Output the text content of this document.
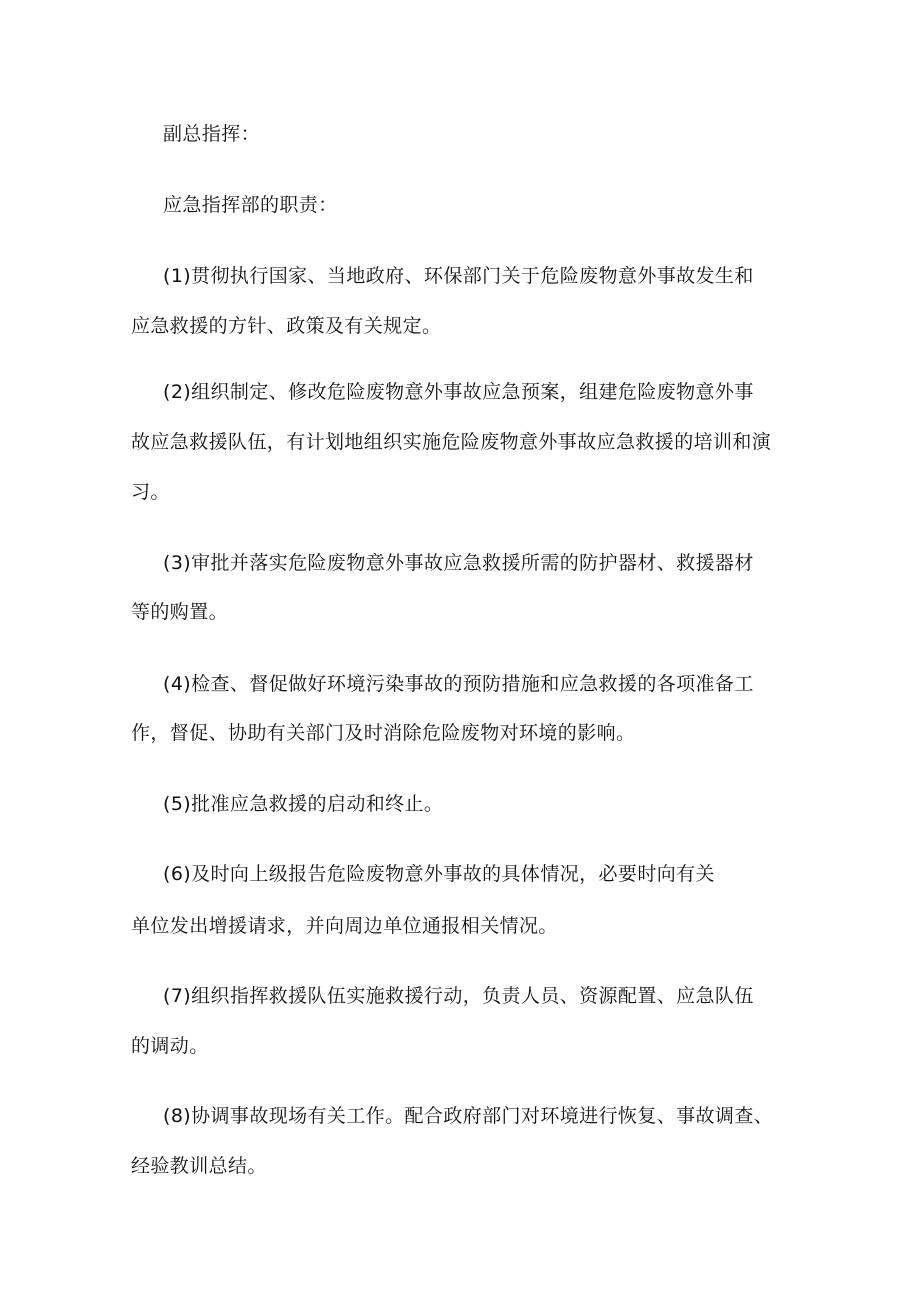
副总指挥：
应急指挥部的职责：
(1)贯彻执行国家、当地政府、环保部门关于危险废物意外事故发生和
应急救援的方针、政策及有关规定。
(2)组织制定、修改危险废物意外事故应急预案，组建危险废物意外事
故应急救援队伍，有计划地组织实施危险废物意外事故应急救援的培训和演
习。
(3)审批并落实危险废物意外事故应急救援所需的防护器材、救援器材
等的购置。
(4)检查、督促做好环境污染事故的预防措施和应急救援的各项准备工
作，督促、协助有关部门及时消除危险废物对环境的影响。
(5)批准应急救援的启动和终止。
(6)及时向上级报告危险废物意外事故的具体情况，必要时向有关
单位发出增援请求，并向周边单位通报相关情况。
(7)组织指挥救援队伍实施救援行动，负责人员、资源配置、应急队伍
的调动。
(8)协调事故现场有关工作。配合政府部门对环境进行恢复、事故调查、
经验教训总结。
